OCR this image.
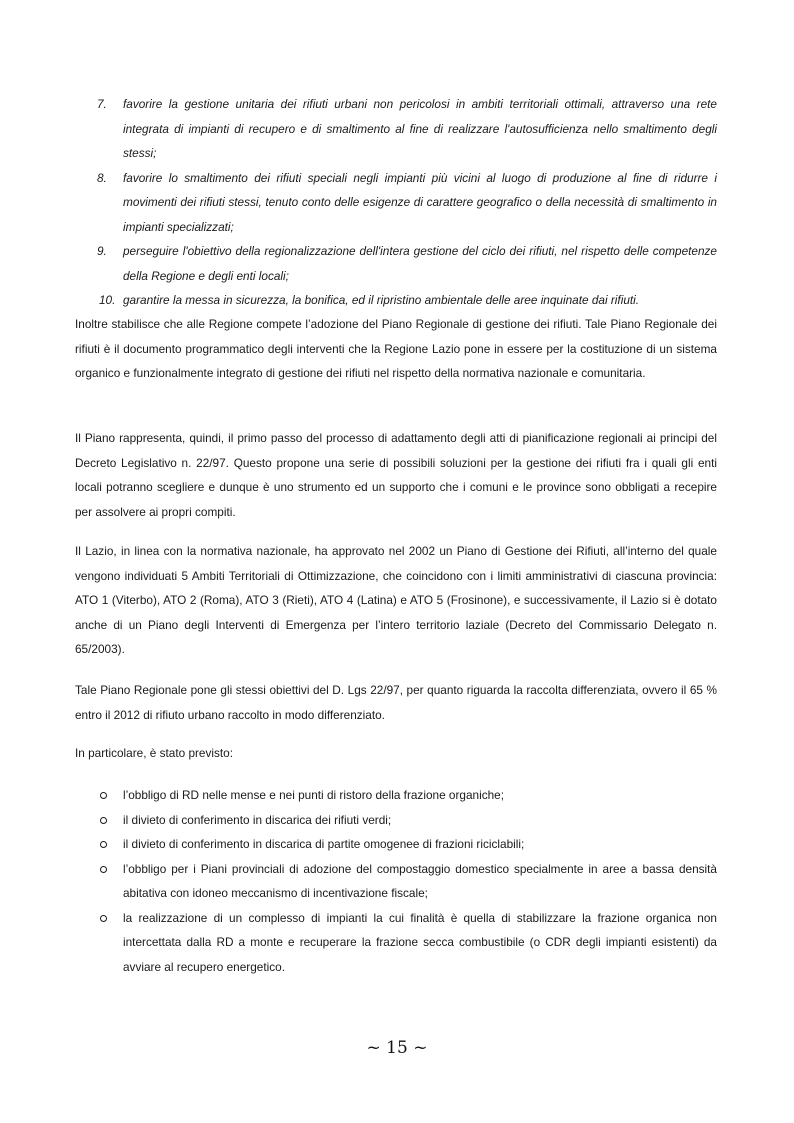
7. favorire la gestione unitaria dei rifiuti urbani non pericolosi in ambiti territoriali ottimali, attraverso una rete integrata di impianti di recupero e di smaltimento al fine di realizzare l'autosufficienza nello smaltimento degli stessi;
8. favorire lo smaltimento dei rifiuti speciali negli impianti più vicini al luogo di produzione al fine di ridurre i movimenti dei rifiuti stessi, tenuto conto delle esigenze di carattere geografico o della necessità di smaltimento in impianti specializzati;
9. perseguire l'obiettivo della regionalizzazione dell'intera gestione del ciclo dei rifiuti, nel rispetto delle competenze della Regione e degli enti locali;
10. garantire la messa in sicurezza, la bonifica, ed il ripristino ambientale delle aree inquinate dai rifiuti.

Inoltre stabilisce che alle Regione compete l’adozione del Piano Regionale di gestione dei rifiuti. Tale Piano Regionale dei rifiuti è il documento programmatico degli interventi che la Regione Lazio pone in essere per la costituzione di un sistema organico e funzionalmente integrato di gestione dei rifiuti nel rispetto della normativa nazionale e comunitaria.

Il Piano rappresenta, quindi, il primo passo del processo di adattamento degli atti di pianificazione regionali ai principi del Decreto Legislativo n. 22/97. Questo propone una serie di possibili soluzioni per la gestione dei rifiuti fra i quali gli enti locali potranno scegliere e dunque è uno strumento ed un supporto che i comuni e le province sono obbligati a recepire per assolvere ai propri compiti.

Il Lazio, in linea con la normativa nazionale, ha approvato nel 2002 un Piano di Gestione dei Rifiuti, all’interno del quale vengono individuati 5 Ambiti Territoriali di Ottimizzazione, che coincidono con i limiti amministrativi di ciascuna provincia: ATO 1 (Viterbo), ATO 2 (Roma), ATO 3 (Rieti), ATO 4 (Latina) e ATO 5 (Frosinone), e successivamente, il Lazio si è dotato anche di un Piano degli Interventi di Emergenza per l’intero territorio laziale (Decreto del Commissario Delegato n. 65/2003).

Tale Piano Regionale pone gli stessi obiettivi del D. Lgs 22/97, per quanto riguarda la raccolta differenziata, ovvero il 65 % entro il 2012 di rifiuto urbano raccolto in modo differenziato.

In particolare, è stato previsto:

l’obbligo di RD nelle mense e nei punti di ristoro della frazione organiche;
il divieto di conferimento in discarica dei rifiuti verdi;
il divieto di conferimento in discarica di partite omogenee di frazioni riciclabili;
l’obbligo per i Piani provinciali di adozione del compostaggio domestico specialmente in aree a bassa densità abitativa con idoneo meccanismo di incentivazione fiscale;
la realizzazione di un complesso di impianti la cui finalità è quella di stabilizzare la frazione organica non intercettata dalla RD a monte e recuperare la frazione secca combustibile (o CDR degli impianti esistenti) da avviare al recupero energetico.
~ 15 ~
